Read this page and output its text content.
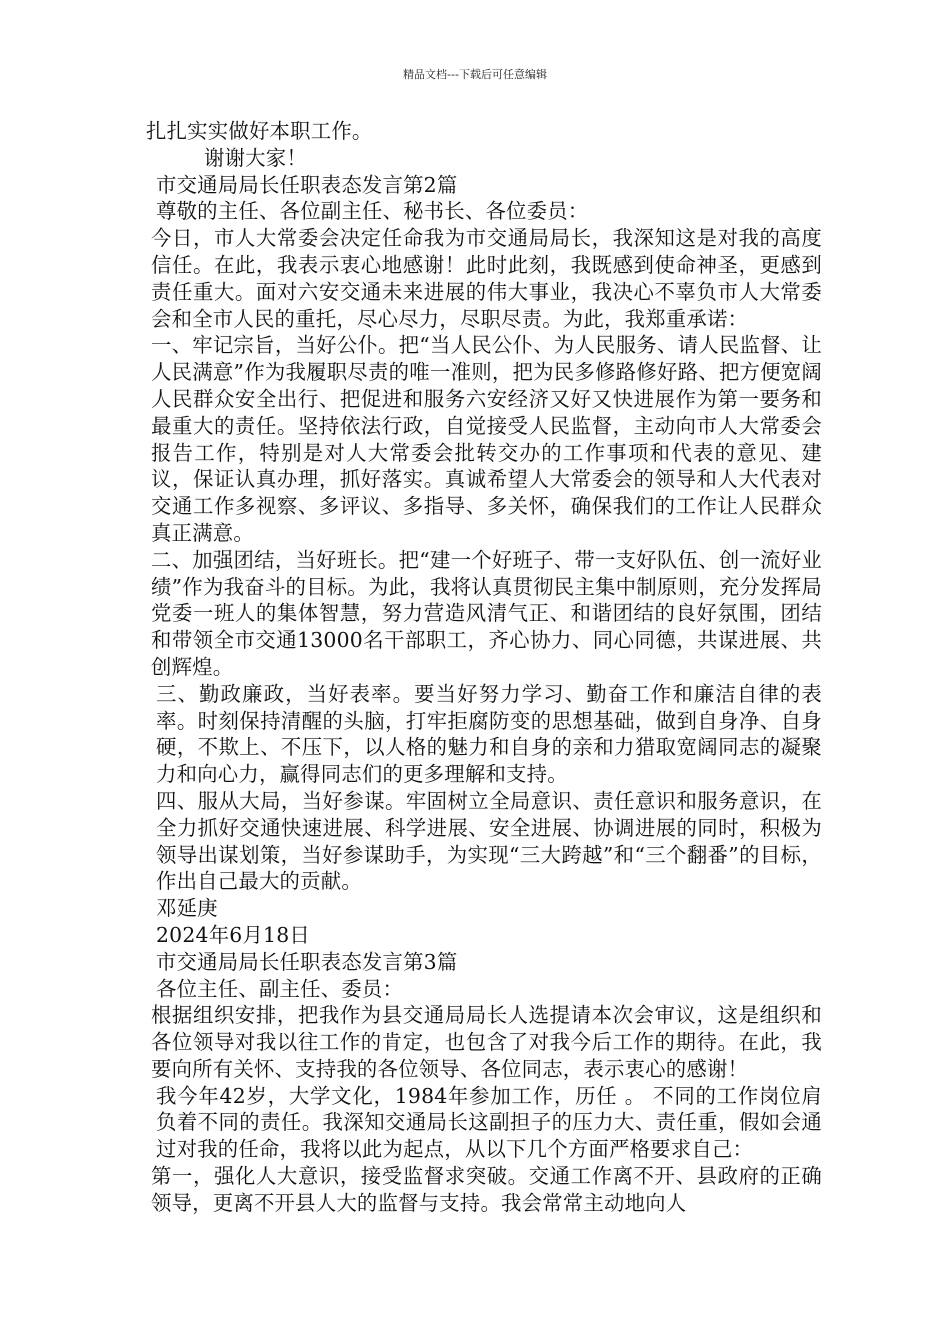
精品文档---下载后可任意编辑

扎扎实实做好本职工作。

谢谢大家！

市交通局局长任职表态发言第2篇

尊敬的主任、各位副主任、秘书长、各位委员：

今日，市人大常委会决定任命我为市交通局局长，我深知这是对我的高度信任。在此，我表示衷心地感谢！此时此刻，我既感到使命神圣，更感到责任重大。面对六安交通未来进展的伟大事业，我决心不辜负市人大常委会和全市人民的重托，尽心尽力，尽职尽责。为此，我郑重承诺：

一、牢记宗旨，当好公仆。把“当人民公仆、为人民服务、请人民监督、让人民满意”作为我履职尽责的唯一准则，把为民多修路修好路、把方便宽阔人民群众安全出行、把促进和服务六安经济又好又快进展作为第一要务和最重大的责任。坚持依法行政，自觉接受人民监督，主动向市人大常委会报告工作，特别是对人大常委会批转交办的工作事项和代表的意见、建议，保证认真办理，抓好落实。真诚希望人大常委会的领导和人大代表对交通工作多视察、多评议、多指导、多关怀，确保我们的工作让人民群众真正满意。

二、加强团结，当好班长。把“建一个好班子、带一支好队伍、创一流好业绩”作为我奋斗的目标。为此，我将认真贯彻民主集中制原则，充分发挥局党委一班人的集体智慧，努力营造风清气正、和谐团结的良好氛围，团结和带领全市交通13000名干部职工，齐心协力、同心同德，共谋进展、共创辉煌。

三、勤政廉政，当好表率。要当好努力学习、勤奋工作和廉洁自律的表率。时刻保持清醒的头脑，打牢拒腐防变的思想基础，做到自身净、自身硬，不欺上、不压下，以人格的魅力和自身的亲和力猎取宽阔同志的凝聚力和向心力，赢得同志们的更多理解和支持。

四、服从大局，当好参谋。牢固树立全局意识、责任意识和服务意识，在全力抓好交通快速进展、科学进展、安全进展、协调进展的同时，积极为领导出谋划策，当好参谋助手，为实现“三大跨越”和“三个翻番”的目标，作出自己最大的贡献。

邓延庚

2024年6月18日

市交通局局长任职表态发言第3篇

各位主任、副主任、委员：

根据组织安排，把我作为县交通局局长人选提请本次会审议，这是组织和各位领导对我以往工作的肯定，也包含了对我今后工作的期待。在此，我要向所有关怀、支持我的各位领导、各位同志，表示衷心的感谢！

我今年42岁，大学文化，1984年参加工作，历任 。 不同的工作岗位肩负着不同的责任。我深知交通局长这副担子的压力大、责任重，假如会通过对我的任命，我将以此为起点，从以下几个方面严格要求自己：

第一，强化人大意识，接受监督求突破。交通工作离不开、县政府的正确领导，更离不开县人大的监督与支持。我会常常主动地向人
